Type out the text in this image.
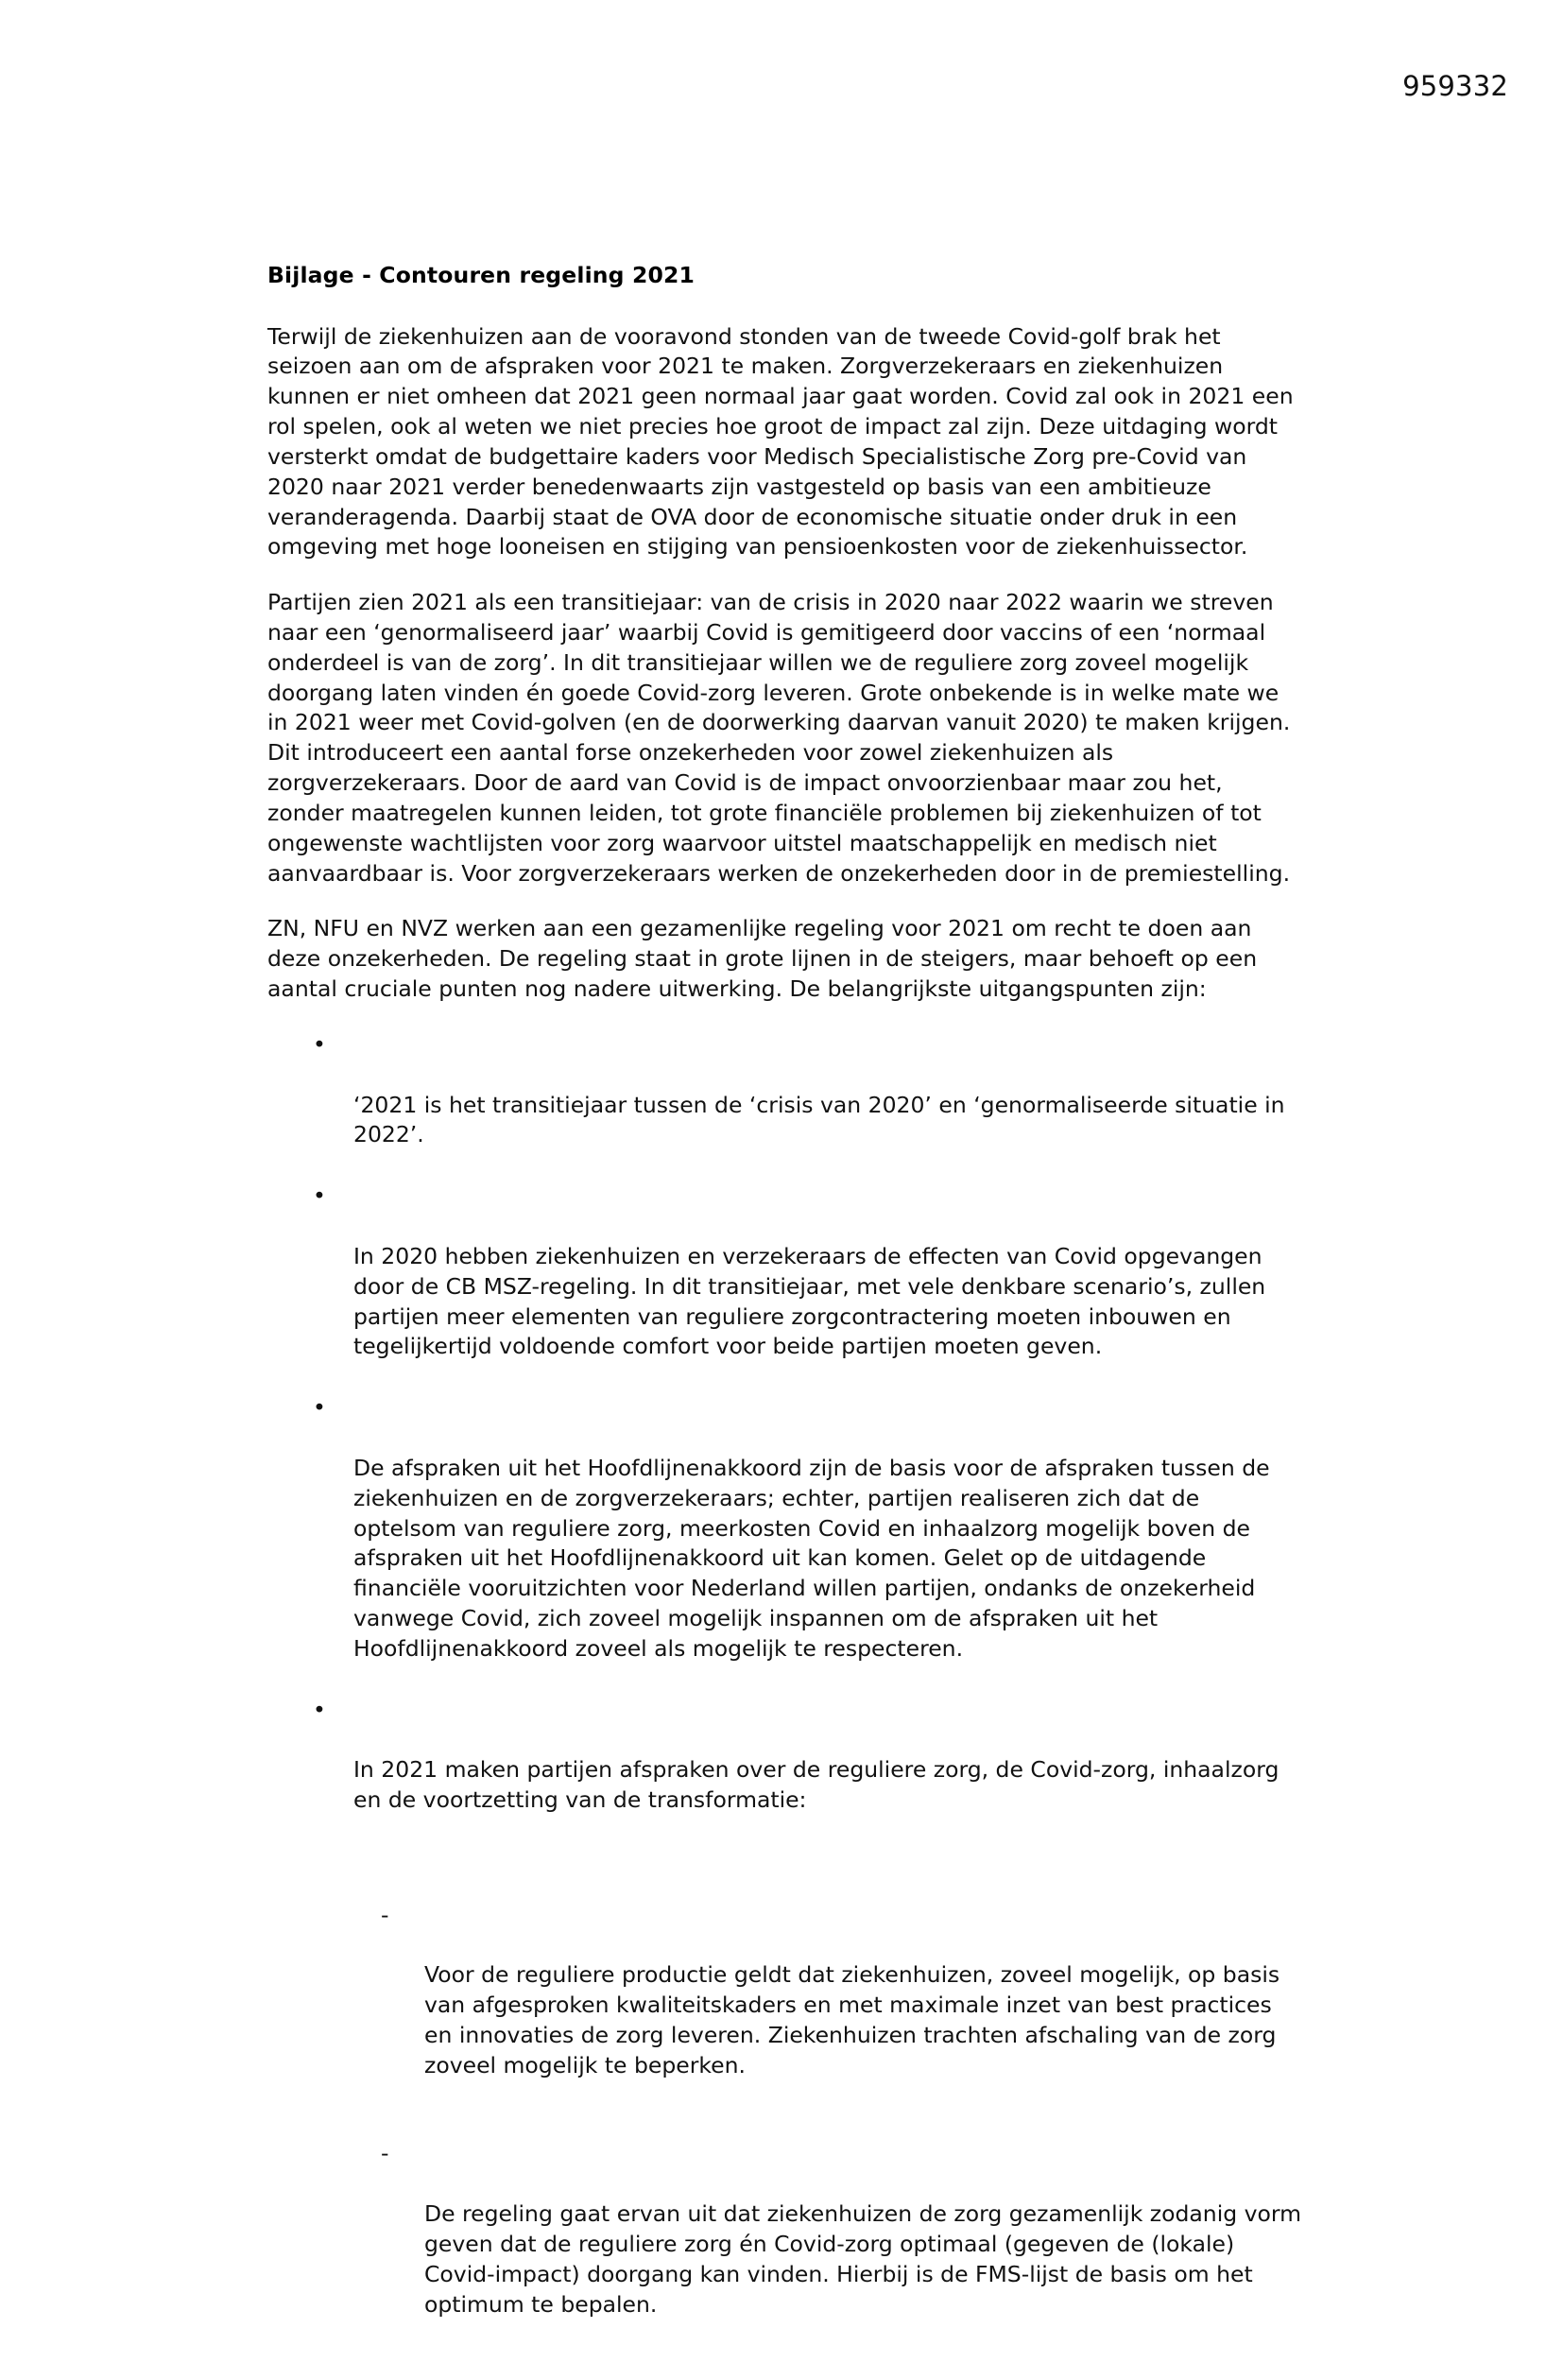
959332
Bijlage - Contouren regeling 2021

Terwijl de ziekenhuizen aan de vooravond stonden van de tweede Covid-golf brak het seizoen aan om de afspraken voor 2021 te maken. Zorgverzekeraars en ziekenhuizen kunnen er niet omheen dat 2021 geen normaal jaar gaat worden. Covid zal ook in 2021 een rol spelen, ook al weten we niet precies hoe groot de impact zal zijn. Deze uitdaging wordt versterkt omdat de budgettaire kaders voor Medisch Specialistische Zorg pre-Covid van 2020 naar 2021 verder benedenwaarts zijn vastgesteld op basis van een ambitieuze veranderagenda. Daarbij staat de OVA door de economische situatie onder druk in een omgeving met hoge looneisen en stijging van pensioenkosten voor de ziekenhuissector.

Partijen zien 2021 als een transitiejaar: van de crisis in 2020 naar 2022 waarin we streven naar een ‘genormaliseerd jaar’ waarbij Covid is gemitigeerd door vaccins of een ‘normaal onderdeel is van de zorg’. In dit transitiejaar willen we de reguliere zorg zoveel mogelijk doorgang laten vinden én goede Covid-zorg leveren. Grote onbekende is in welke mate we in 2021 weer met Covid-golven (en de doorwerking daarvan vanuit 2020) te maken krijgen. Dit introduceert een aantal forse onzekerheden voor zowel ziekenhuizen als zorgverzekeraars. Door de aard van Covid is de impact onvoorzienbaar maar zou het, zonder maatregelen kunnen leiden, tot grote financiële problemen bij ziekenhuizen of tot ongewenste wachtlijsten voor zorg waarvoor uitstel maatschappelijk en medisch niet aanvaardbaar is. Voor zorgverzekeraars werken de onzekerheden door in de premiestelling.

ZN, NFU en NVZ werken aan een gezamenlijke regeling voor 2021 om recht te doen aan deze onzekerheden. De regeling staat in grote lijnen in de steigers, maar behoeft op een aantal cruciale punten nog nadere uitwerking. De belangrijkste uitgangspunten zijn:

•

‘2021 is het transitiejaar tussen de ‘crisis van 2020’ en ‘genormaliseerde situatie in 2022’.

•

In 2020 hebben ziekenhuizen en verzekeraars de effecten van Covid opgevangen door de CB MSZ-regeling. In dit transitiejaar, met vele denkbare scenario’s, zullen partijen meer elementen van reguliere zorgcontractering moeten inbouwen en tegelijkertijd voldoende comfort voor beide partijen moeten geven.

•

De afspraken uit het Hoofdlijnenakkoord zijn de basis voor de afspraken tussen de ziekenhuizen en de zorgverzekeraars; echter, partijen realiseren zich dat de optelsom van reguliere zorg, meerkosten Covid en inhaalzorg mogelijk boven de afspraken uit het Hoofdlijnenakkoord uit kan komen. Gelet op de uitdagende financiële vooruitzichten voor Nederland willen partijen, ondanks de onzekerheid vanwege Covid, zich zoveel mogelijk inspannen om de afspraken uit het Hoofdlijnenakkoord zoveel als mogelijk te respecteren.

•

In 2021 maken partijen afspraken over de reguliere zorg, de Covid-zorg, inhaalzorg en de voortzetting van de transformatie:

-

Voor de reguliere productie geldt dat ziekenhuizen, zoveel mogelijk, op basis van afgesproken kwaliteitskaders en met maximale inzet van best practices en innovaties de zorg leveren. Ziekenhuizen trachten afschaling van de zorg zoveel mogelijk te beperken.

-

De regeling gaat ervan uit dat ziekenhuizen de zorg gezamenlijk zodanig vorm geven dat de reguliere zorg én Covid-zorg optimaal (gegeven de (lokale) Covid-impact) doorgang kan vinden. Hierbij is de FMS-lijst de basis om het optimum te bepalen.
